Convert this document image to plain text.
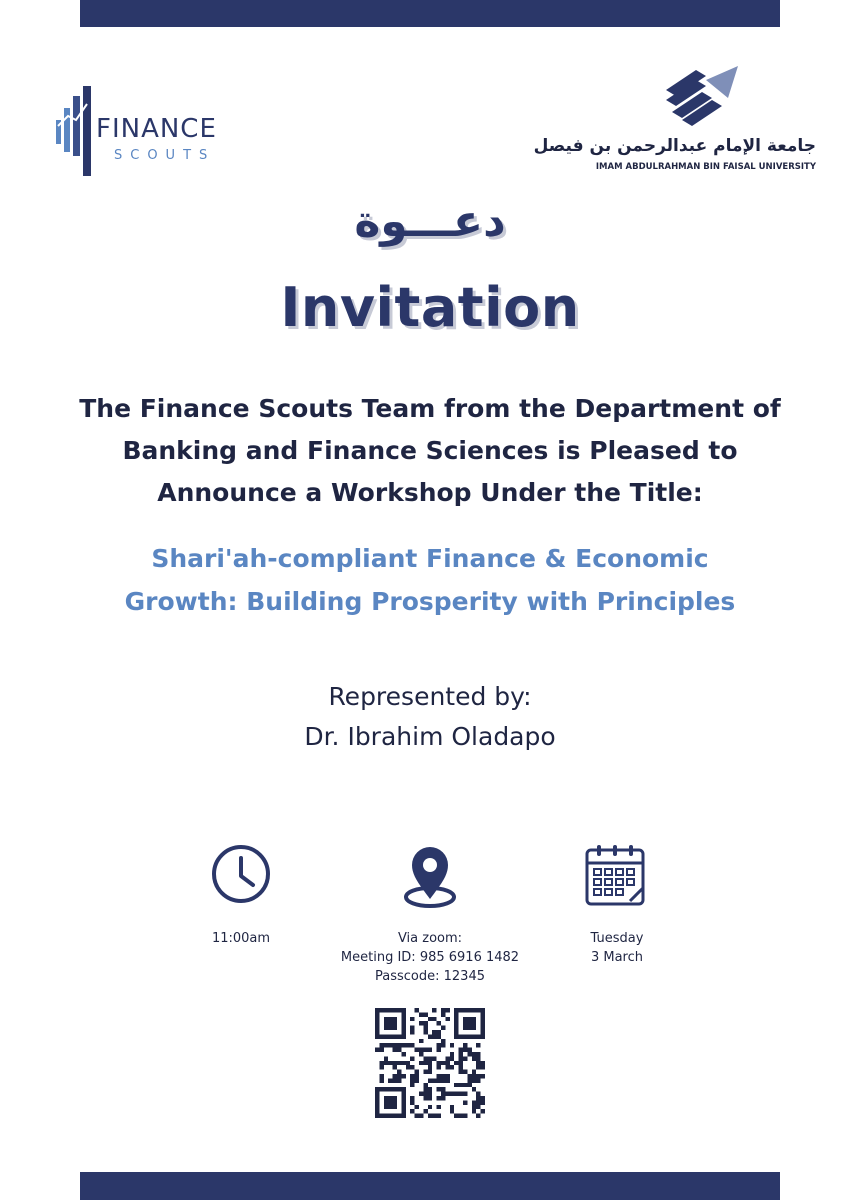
FINANCE
SCOUTS	جامعة الإمام عبدالرحمن بن فيصل
IMAM ABDULRAHMAN BIN FAISAL UNIVERSITY
دعـــوة
Invitation
The Finance Scouts Team from the Department of
Banking and Finance Sciences is Pleased to
Announce a Workshop Under the Title:
Shari'ah-compliant Finance & Economic
Growth: Building Prosperity with Principles
Represented by:
Dr. Ibrahim Oladapo
11:00am	Via zoom:
Meeting ID: 985 6916 1482
Passcode: 12345
Tuesday
3 March
